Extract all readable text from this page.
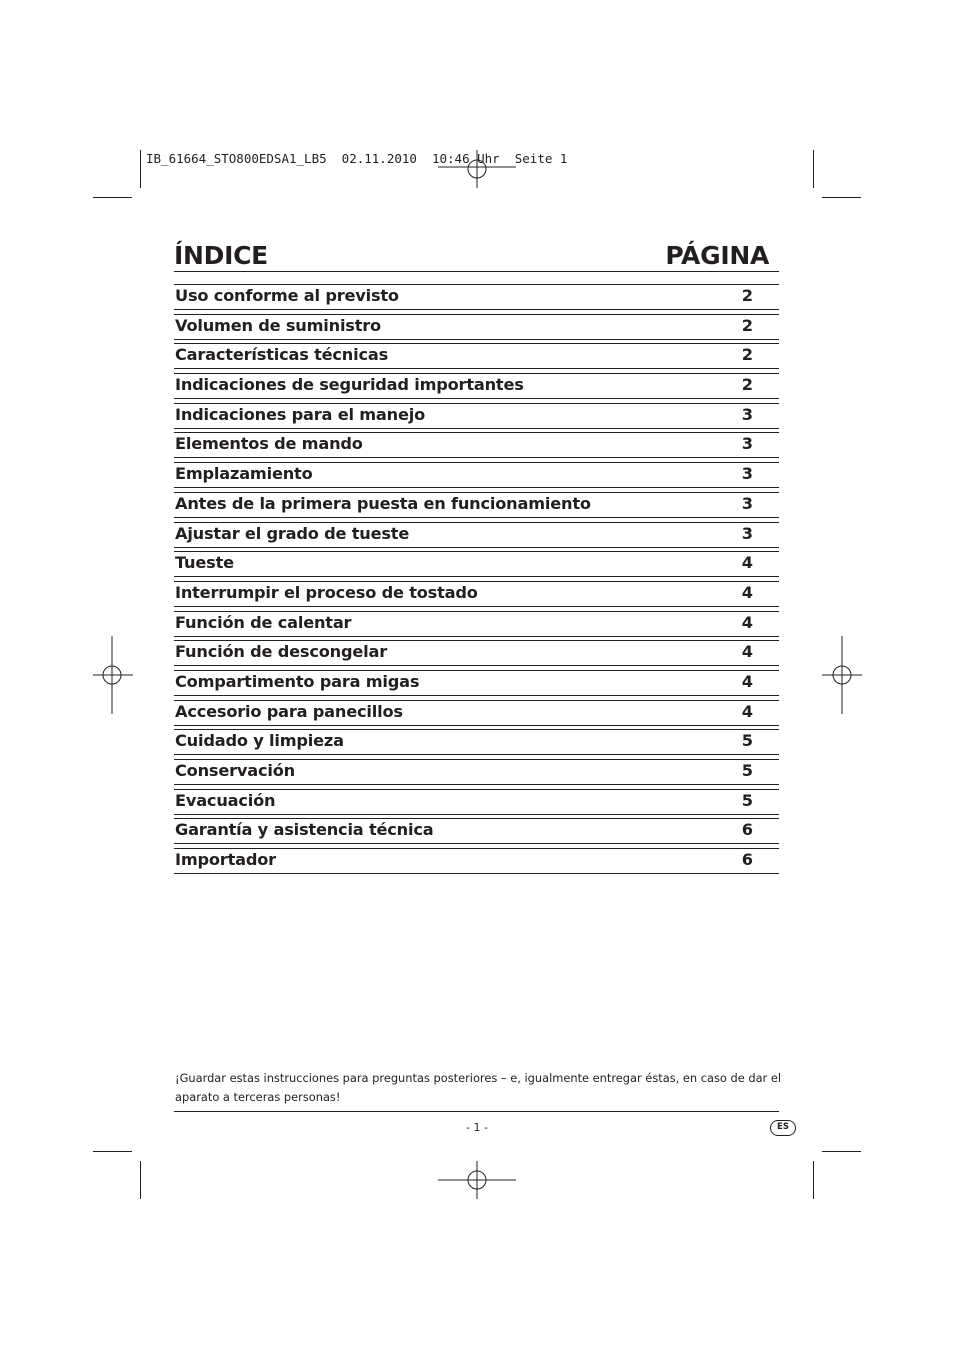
IB_61664_STO800EDSA1_LB5  02.11.2010  10:46 Uhr  Seite 1
ÍNDICE	PÁGINA
Uso conforme al previsto	2
Volumen de suministro	2
Características técnicas	2
Indicaciones de seguridad importantes	2
Indicaciones para el manejo	3
Elementos de mando	3
Emplazamiento	3
Antes de la primera puesta en funcionamiento	3
Ajustar el grado de tueste	3
Tueste	4
Interrumpir el proceso de tostado	4
Función de calentar	4
Función de descongelar	4
Compartimento para migas	4
Accesorio para panecillos	4
Cuidado y limpieza	5
Conservación	5
Evacuación	5
Garantía y asistencia técnica	6
Importador	6
¡Guardar estas instrucciones para preguntas posteriores – e, igualmente entregar éstas, en caso de dar el aparato a terceras personas!
- 1 -	ES
